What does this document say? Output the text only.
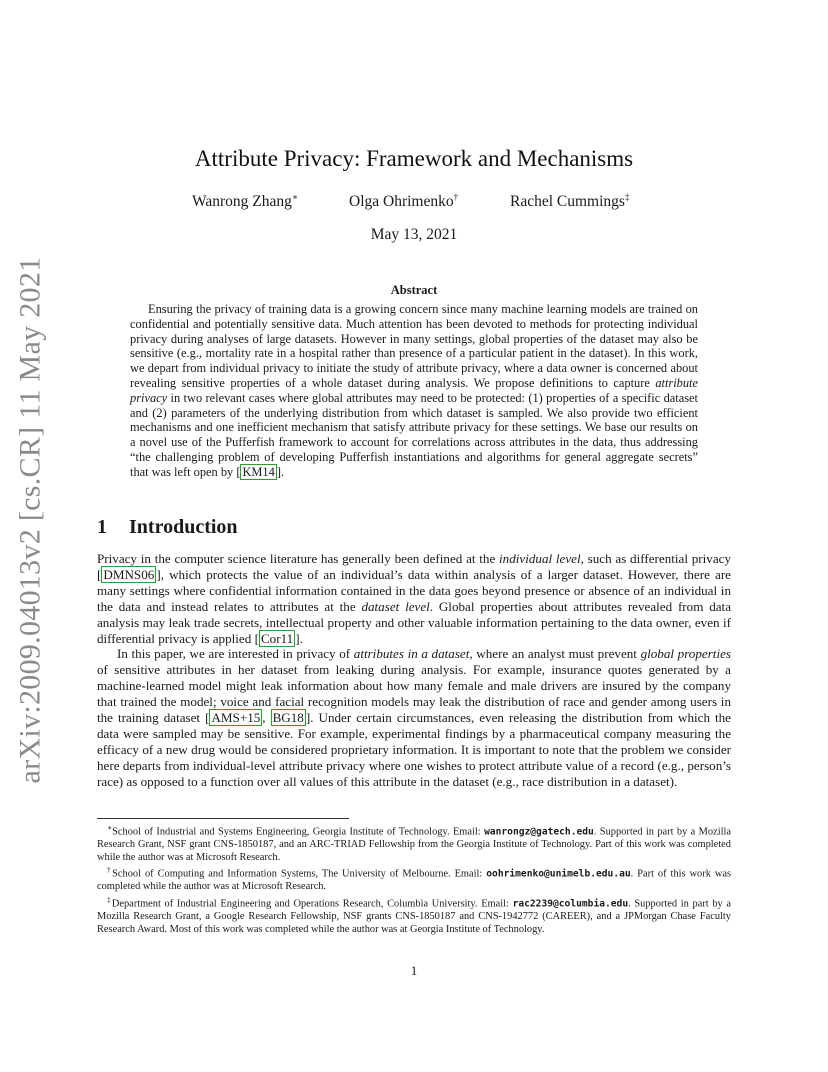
arXiv:2009.04013v2 [cs.CR] 11 May 2021
Attribute Privacy: Framework and Mechanisms
Wanrong Zhang∗	Olga Ohrimenko†	Rachel Cummings‡
May 13, 2021
Abstract

Ensuring the privacy of training data is a growing concern since many machine learning models are trained on confidential and potentially sensitive data. Much attention has been devoted to methods for protecting individual privacy during analyses of large datasets. However in many settings, global properties of the dataset may also be sensitive (e.g., mortality rate in a hospital rather than presence of a particular patient in the dataset). In this work, we depart from individual privacy to initiate the study of attribute privacy, where a data owner is concerned about revealing sensitive properties of a whole dataset during analysis. We propose definitions to capture attribute privacy in two relevant cases where global attributes may need to be protected: (1) properties of a specific dataset and (2) parameters of the underlying distribution from which dataset is sampled. We also provide two efficient mechanisms and one inefficient mechanism that satisfy attribute privacy for these settings. We base our results on a novel use of the Pufferfish framework to account for correlations across attributes in the data, thus addressing “the challenging problem of developing Pufferfish instantiations and algorithms for general aggregate secrets” that was left open by [ KM14 ].

1 Introduction

Privacy in the computer science literature has generally been defined at the individual level, such as differential privacy [ DMNS06 ], which protects the value of an individual’s data within analysis of a larger dataset. However, there are many settings where confidential information contained in the data goes beyond presence or absence of an individual in the data and instead relates to attributes at the dataset level. Global properties about attributes revealed from data analysis may leak trade secrets, intellectual property and other valuable information pertaining to the data owner, even if differential privacy is applied [ Cor11 ].

In this paper, we are interested in privacy of attributes in a dataset, where an analyst must prevent global properties of sensitive attributes in her dataset from leaking during analysis. For example, insurance quotes generated by a machine-learned model might leak information about how many female and male drivers are insured by the company that trained the model; voice and facial recognition models may leak the distribution of race and gender among users in the training dataset [ AMS+15 , BG18 ]. Under certain circumstances, even releasing the distribution from which the data were sampled may be sensitive. For example, experimental findings by a pharmaceutical company measuring the efficacy of a new drug would be considered proprietary information. It is important to note that the problem we consider here departs from individual-level attribute privacy where one wishes to protect attribute value of a record (e.g., person’s race) as opposed to a function over all values of this attribute in the dataset (e.g., race distribution in a dataset).

∗School of Industrial and Systems Engineering, Georgia Institute of Technology. Email: wanrongz@gatech.edu. Supported in part by a Mozilla Research Grant, NSF grant CNS-1850187, and an ARC-TRIAD Fellowship from the Georgia Institute of Technology. Part of this work was completed while the author was at Microsoft Research.

†School of Computing and Information Systems, The University of Melbourne. Email: oohrimenko@unimelb.edu.au. Part of this work was completed while the author was at Microsoft Research.

‡Department of Industrial Engineering and Operations Research, Columbia University. Email: rac2239@columbia.edu. Supported in part by a Mozilla Research Grant, a Google Research Fellowship, NSF grants CNS-1850187 and CNS-1942772 (CAREER), and a JPMorgan Chase Faculty Research Award. Most of this work was completed while the author was at Georgia Institute of Technology.

1
